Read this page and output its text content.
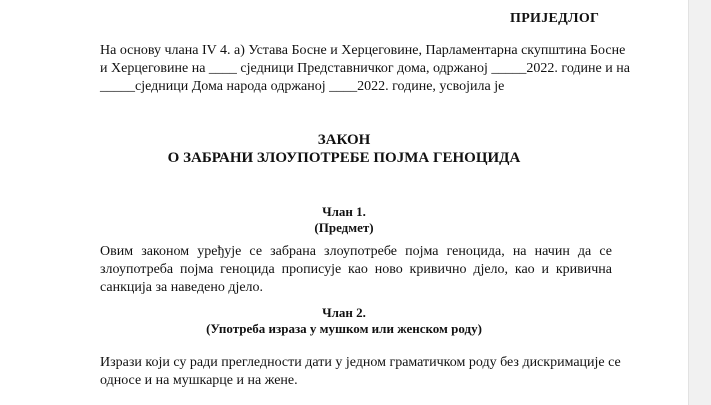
ПРИЈЕДЛОГ
На основу члана IV 4. а) Устава Босне и Херцеговине, Парламентарна скупштина Босне
и Херцеговине на ____ сједници Представничког дома, одржаној _____2022. године и на
_____сједници Дома народа одржаној ____2022. године, усвојила је
ЗАКОН
О ЗАБРАНИ ЗЛОУПОТРЕБЕ ПОЈМА ГЕНОЦИДА
Члан 1.
(Предмет)
Овим законом уређује се забрана злоупотребе појма геноцида, на начин да се
злоупотреба појма геноцида прописује као ново кривично дјело, као и кривична
санкција за наведено дјело.
Члан 2.
(Употреба израза у мушком или женском роду)
Изрази који су ради прегледности дати у једном граматичком роду без дискримације се
односе и на мушкарце и на жене.
